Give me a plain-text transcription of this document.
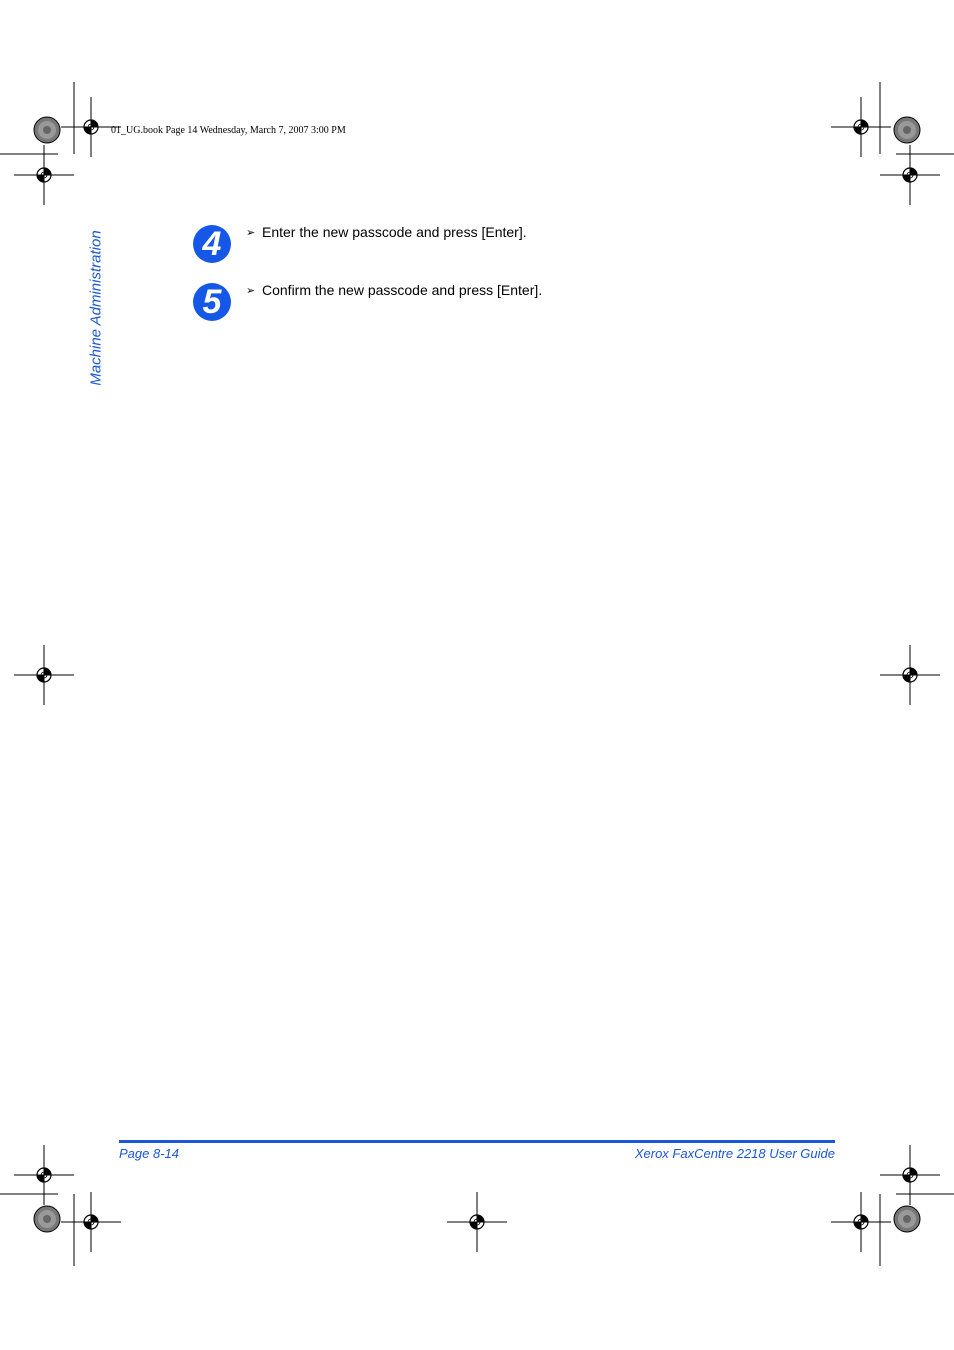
01_UG.book Page 14 Wednesday, March 7, 2007 3:00 PM
Machine Administration	4	➢ Enter the new passcode and press [Enter].
5	➢ Confirm the new passcode and press [Enter].
Page 8-14	Xerox FaxCentre 2218 User Guide
